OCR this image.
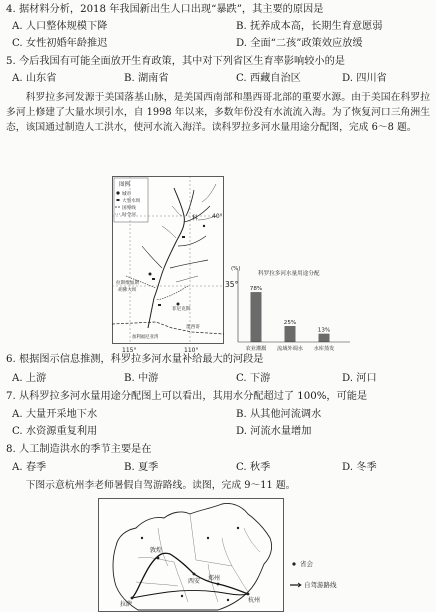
4. 据材料分析，2018 年我国新出生人口出现“暴跌”，其主要的原因是
A. 人口整体规模下降	B. 抚养成本高，长期生育意愿弱
C. 女性初婚年龄推迟	D. 全面“二孩”政策效应放缓
5. 今后我国有可能全面放开生育政策，其中对下列省区生育率影响较小的是
A. 山东省	B. 湖南省	C. 西藏自治区	D. 四川省
科罗拉多河发源于美国落基山脉，是美国西南部和墨西哥北部的重要水源。由于美国在科罗拉多河上修建了大量水坝引水，自 1998 年以来，多数年份没有水流流入海。为了恢复河口三角洲生态，该国通过制造人工洪水，使河水流入海洋。读科罗拉多河水量用途分配图，完成 6～8 题。
图例
城市
大型水坝
国界线
时令河
拉斯维加斯
胡佛大坝
菲尼克斯
加利福尼亚湾
科
墨西哥
40°
115°	110°
35°
(%)
科罗拉多河水量用途分配
78%
农业灌溉
25%
流域外调水
13%
水库蒸发
6. 根据图示信息推测，科罗拉多河水量补给最大的河段是
A. 上游	B. 中游	C. 下游	D. 河口
7. 从科罗拉多河水量用途分配图上可以看出，其用水分配超过了 100%，可能是
A. 大量开采地下水	B. 从其他河流调水
C. 水资源重复利用	D. 河流水量增加
8. 人工制造洪水的季节主要是在
A. 春季	B. 夏季	C. 秋季	D. 冬季
下图示意杭州李老师暑假自驾游路线。读图，完成 9～11 题。
敦煌
西安 郑州
杭州
拉萨
省会
自驾游路线
